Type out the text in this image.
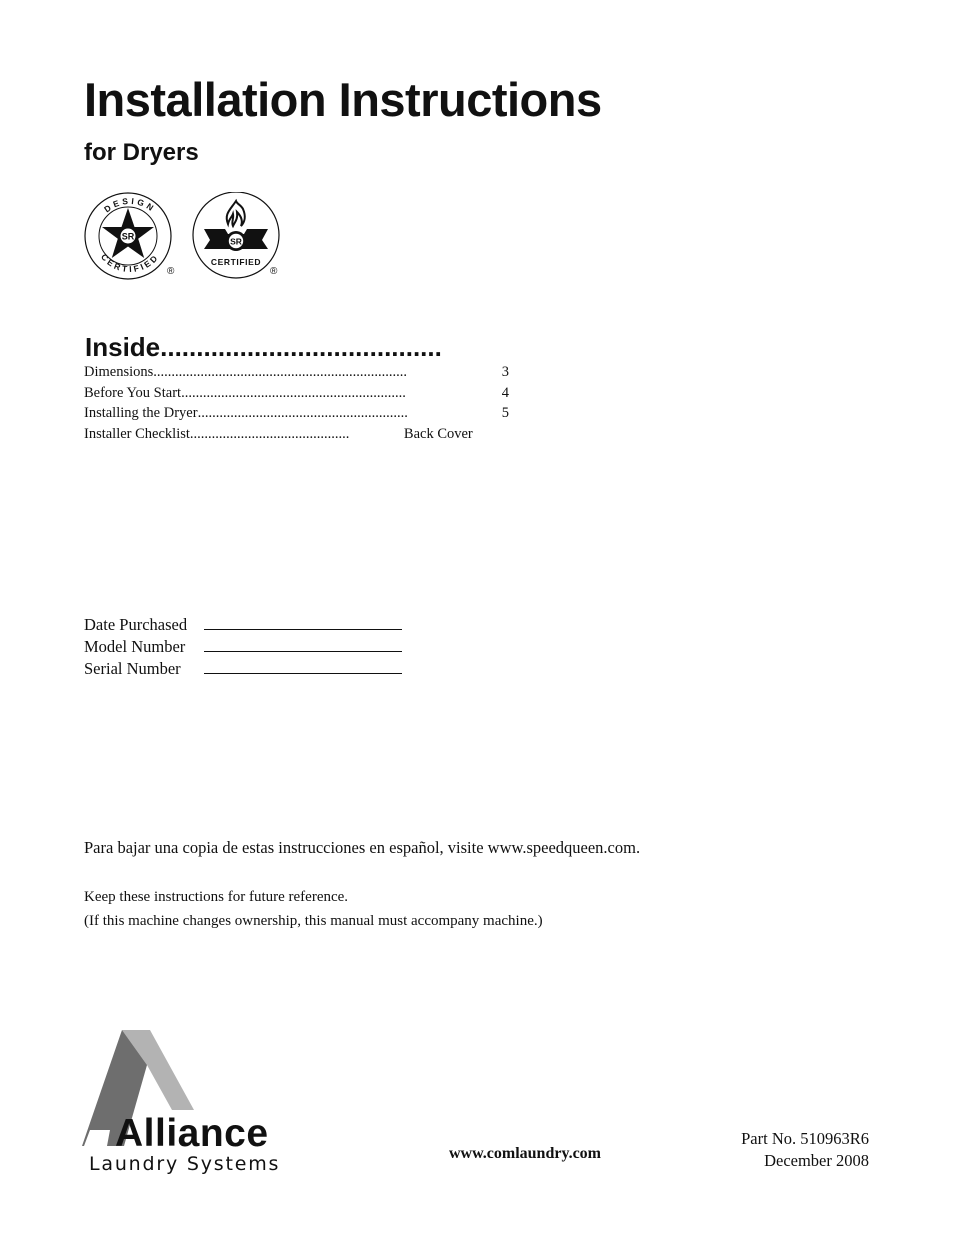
Installation Instructions
for Dryers
DESIGN
CERTIFIED
SR
®
SR
CERTIFIED
®
Inside.......................................
Dimensions ......................................................................	3
Before You Start ..............................................................	4
Installing the Dryer ..........................................................	5
Installer Checklist ............................................	Back Cover
Date Purchased
Model Number
Serial Number
Para bajar una copia de estas instrucciones en español, visite www.speedqueen.com.
Keep these instructions for future reference.
(If this machine changes ownership, this manual must accompany machine.)
Alliance
Laundry Systems	www.comlaundry.com
Part No. 510963R6
December 2008
